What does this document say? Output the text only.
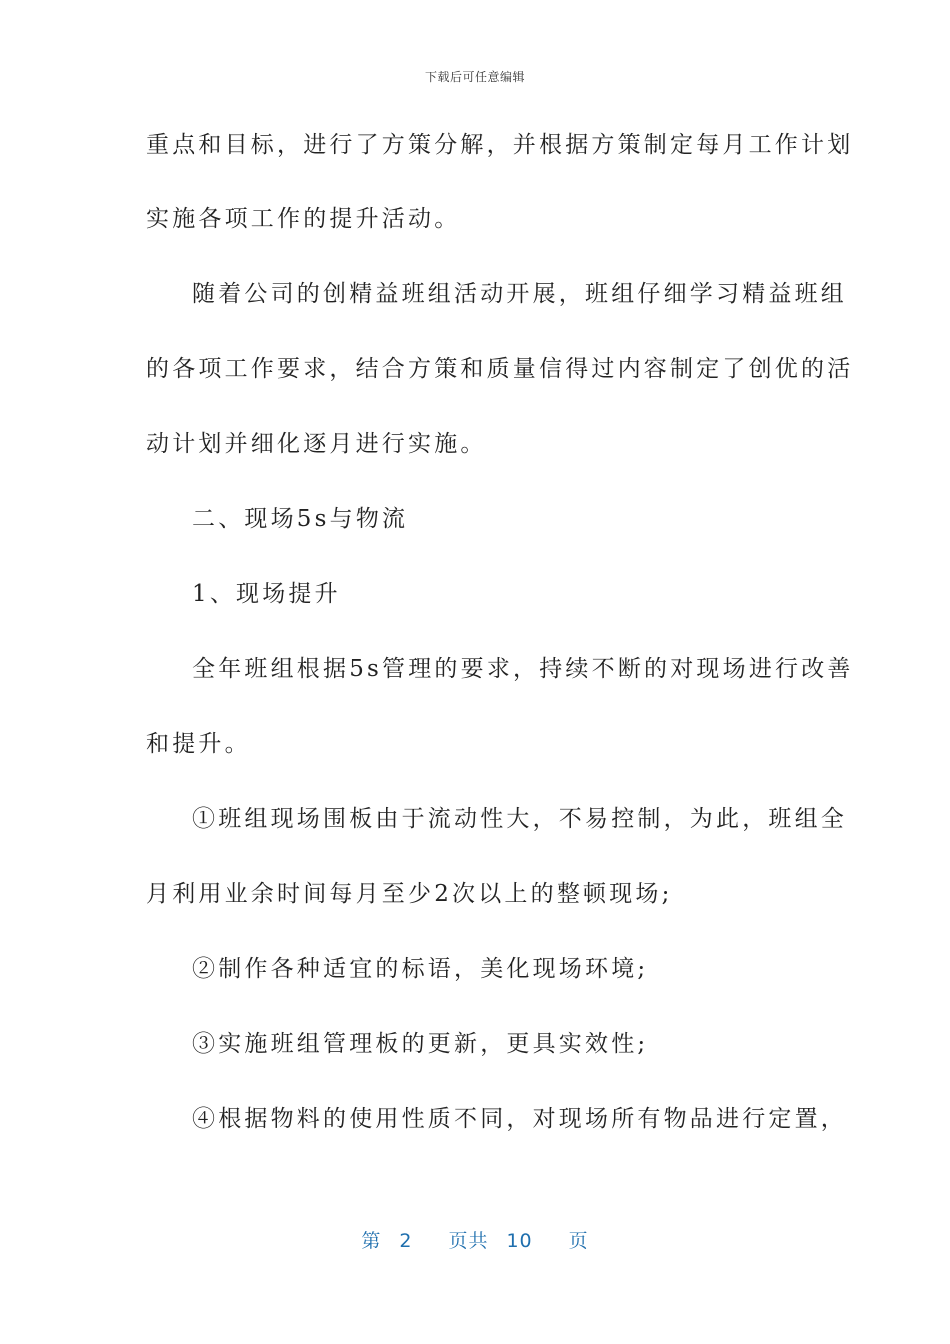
下载后可任意编辑
重点和目标，进行了方策分解，并根据方策制定每月工作计划
实施各项工作的提升活动。
随着公司的创精益班组活动开展，班组仔细学习精益班组
的各项工作要求，结合方策和质量信得过内容制定了创优的活
动计划并细化逐月进行实施。
二、现场5s与物流
1、现场提升
全年班组根据5s管理的要求，持续不断的对现场进行改善
和提升。
①班组现场围板由于流动性大，不易控制，为此，班组全
月利用业余时间每月至少2次以上的整顿现场;
②制作各种适宜的标语，美化现场环境;
③实施班组管理板的更新，更具实效性;
④根据物料的使用性质不同，对现场所有物品进行定置，
第 2 页共 10 页
